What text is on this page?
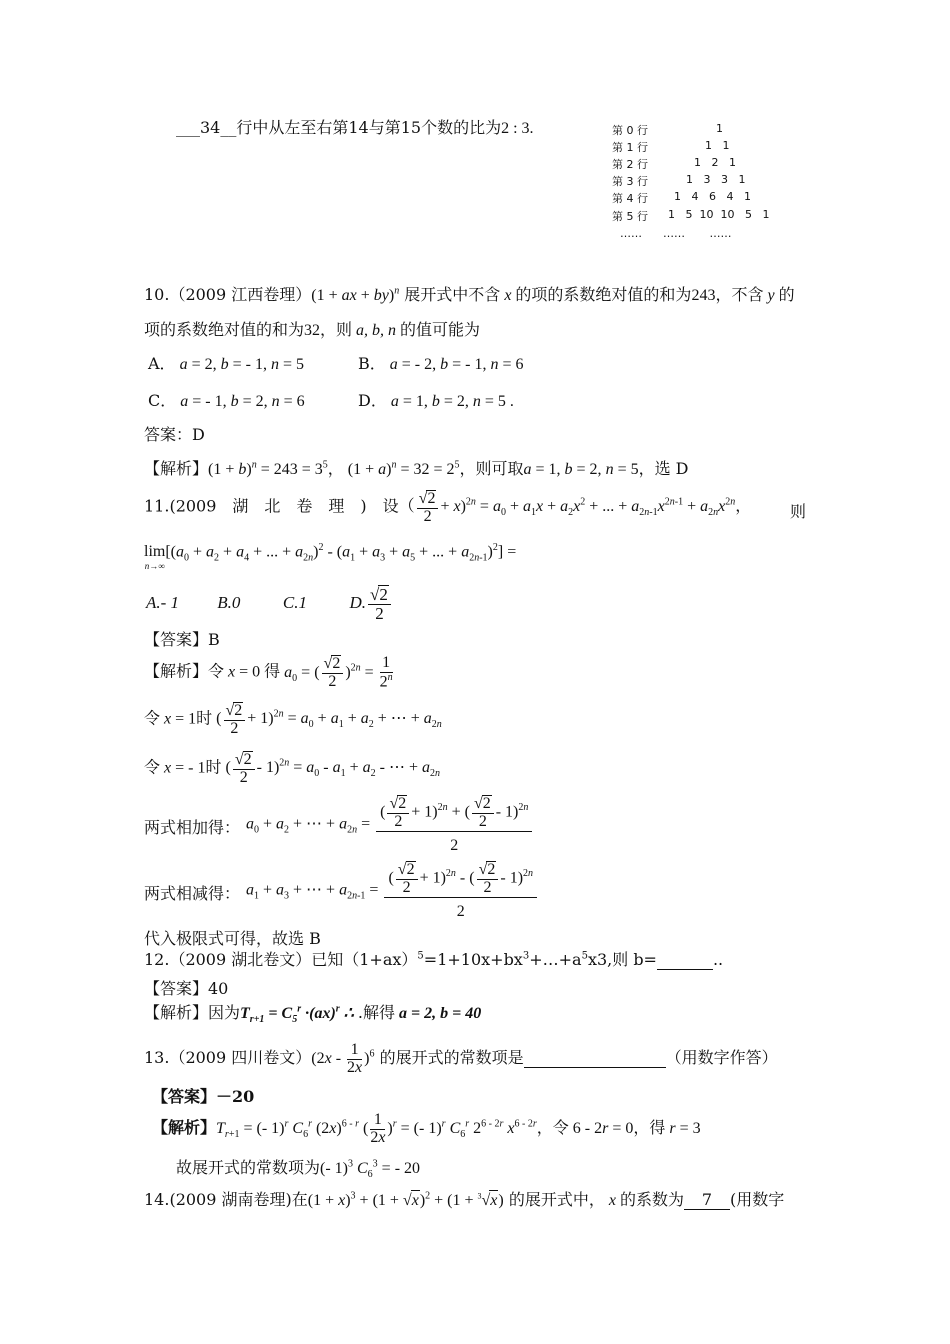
___34__行中从左至右第14与第15个数的比为2 : 3.	第 0 行	1
第 1 行	1   1
第 2 行	1   2   1
第 3 行	1   3   3   1
第 4 行 1   4   6   4   1
第 5 行 1   5  10  10   5   1
……      ……       ……
10.（2009 江西卷理）(1 + ax + by)$^n$ 展开式中不含 x 的项的系数绝对值的和为243，不含 y 的
项的系数绝对值的和为32，则 a, b, n 的值可能为
A． a = 2, b = - 1, n = 5	B． a = - 2, b = - 1, n = 6
C． a = - 1, b = 2, n = 6	D． a = 1, b = 2, n = 5 .
答案：D
【解析】$(1 + b)^n = 243 = 3^5$， $(1 + a)^n = 32 = 2^5$，则可取a = 1, b = 2, n = 5，选 D
11.(2009　湖　北　卷　理　)　设（ $\frac{√2}{2} + x)^{2n} = a_0 + a_1x + a_2x^2$ + ... + $a_{2n-1}x^{2n-1} + a_{2n}x^{2n}$， 则
lim
n→∞
[($a_0 + a_2 + a_4$ + ... + $a_{2n})^2 - (a_1 + a_3 + a_5$ + ... + $a_{2n-1})^2$] =
A.- 1         B.0          C.1          D. $\frac{√2}{2}$
【答案】B
【解析】令 x = 0 得 $a_0$ = ( $\frac{√2}{2} )^{2n} = \frac{1}{2^n}$
令 x = 1时 ( $\frac{√2}{2} + 1)^{2n} = a_0 + a_1 + a_2$ + ⋯ + $a_{2n}$
令 x = - 1时 ( $\frac{√2}{2} - 1)^{2n} = a_0 - a_1 + a_2$ - ⋯ + $a_{2n}$
两式相加得： $a_0 + a_2$ + ⋯ + $a_{2n} = \frac{( \frac{√2}{2} + 1)^{2n} + ( \frac{√2}{2} - 1)^{2n}}{2}$
两式相减得： $a_1 + a_3$ + ⋯ + $a_{2n-1} = \frac{( \frac{√2}{2} + 1)^{2n} - ( \frac{√2}{2} - 1)^{2n}}{2}$
代入极限式可得，故选 B
12.（2009 湖北卷文）已知$(1+ax)^5=1+10x+bx^3+\dots+a^5x3$,则 b=	..
【答案】40
【解析】因为$T_{r+1} = C_5^r \cdot(ax)^r$ ∴ .解得 a = 2, b = 40
13.（2009 四川卷文）$(2x - \frac{1}{2x} )^6$ 的展开式的常数项是	（用数字作答）
【答案】－20
【解析】$T_{r+1}$ = (- 1)$^r$ $C_6^r$ $(2x)^{6 - r}$ ( $\frac{1}{2x} )^r$ = (- 1)$^r$ $C_6^r$ $2^{6 - 2r}$ $x^{6 - 2r}$，令 6 - 2r = 0，得 r = 3
故展开式的常数项为(- 1)$^3$ $C_6^3$ = - 20
14.(2009 湖南卷理)在$(1 + x)^3 + (1 + √x)^2 + (1 + ^3√x)$ 的展开式中， x 的系数为 7 (用数字
